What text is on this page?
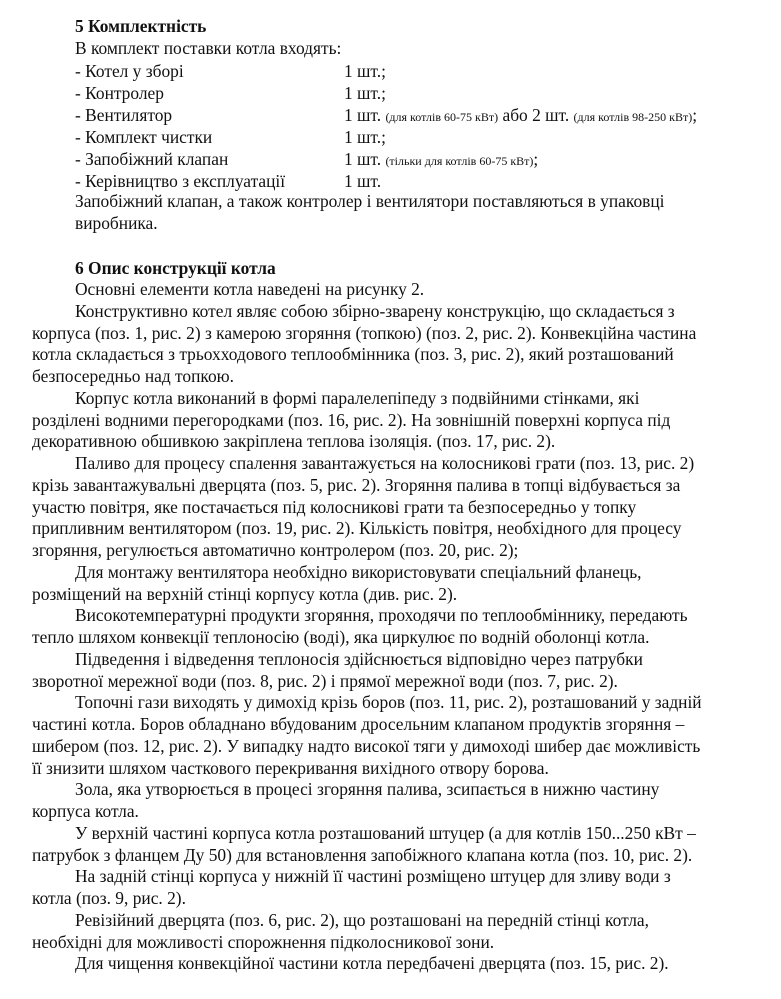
5 Комплектність
В комплект поставки котла входять:
- Котел у зборі	1 шт.;
- Контролер	1 шт.;
- Вентилятор	1 шт. (для котлів 60-75 кВт) або 2 шт. (для котлів 98-250 кВт);
- Комплект чистки	1 шт.;
- Запобіжний клапан	1 шт. (тільки для котлів 60-75 кВт);
- Керівництво з експлуатації	1 шт.
Запобіжний клапан, а також контролер і вентилятори поставляються в упаковці
виробника.
6 Опис конструкції котла
Основні елементи котла наведені на рисунку 2.
Конструктивно котел являє собою збірно-зварену конструкцію, що складається з
корпуса (поз. 1, рис. 2) з камерою згоряння (топкою) (поз. 2, рис. 2). Конвекційна частина
котла складається з трьохходового теплообмінника (поз. 3, рис. 2), який розташований
безпосередньо над топкою.
Корпус котла виконаний в формі паралелепіпеду з подвійними стінками, які
розділені водними перегородками (поз. 16, рис. 2). На зовнішній поверхні корпуса під
декоративною обшивкою закріплена теплова ізоляція. (поз. 17, рис. 2).
Паливо для процесу спалення завантажується на колосникові грати (поз. 13, рис. 2)
крізь завантажувальні дверцята (поз. 5, рис. 2). Згоряння палива в топці відбувається за
участю повітря, яке постачається під колосникові грати та безпосередньо у топку
припливним вентилятором (поз. 19, рис. 2). Кількість повітря, необхідного для процесу
згоряння, регулюється автоматично контролером (поз. 20, рис. 2);
Для монтажу вентилятора необхідно використовувати спеціальний фланець,
розміщений на верхній стінці корпусу котла (див. рис. 2).
Високотемпературні продукти згоряння, проходячи по теплообміннику, передають
тепло шляхом конвекції теплоносію (воді), яка циркулює по водній оболонці котла.
Підведення і відведення теплоносія здійснюється відповідно через патрубки
зворотної мережної води (поз. 8, рис. 2) і прямої мережної води (поз. 7, рис. 2).
Топочні гази виходять у димохід крізь боров (поз. 11, рис. 2), розташований у задній
частині котла. Боров обладнано вбудованим дросельним клапаном продуктів згоряння –
шибером (поз. 12, рис. 2). У випадку надто високої тяги у димоході шибер дає можливість
її знизити шляхом часткового перекривання вихідного отвору борова.
Зола, яка утворюється в процесі згоряння палива, зсипається в нижню частину
корпуса котла.
У верхній частині корпуса котла розташований штуцер (а для котлів 150...250 кВт –
патрубок з фланцем Ду 50) для встановлення запобіжного клапана котла (поз. 10, рис. 2).
На задній стінці корпуса у нижній її частині розміщено штуцер для зливу води з
котла (поз. 9, рис. 2).
Ревізійний дверцята (поз. 6, рис. 2), що розташовані на передній стінці котла,
необхідні для можливості спорожнення підколосникової зони.
Для чищення конвекційної частини котла передбачені дверцята (поз. 15, рис. 2).
